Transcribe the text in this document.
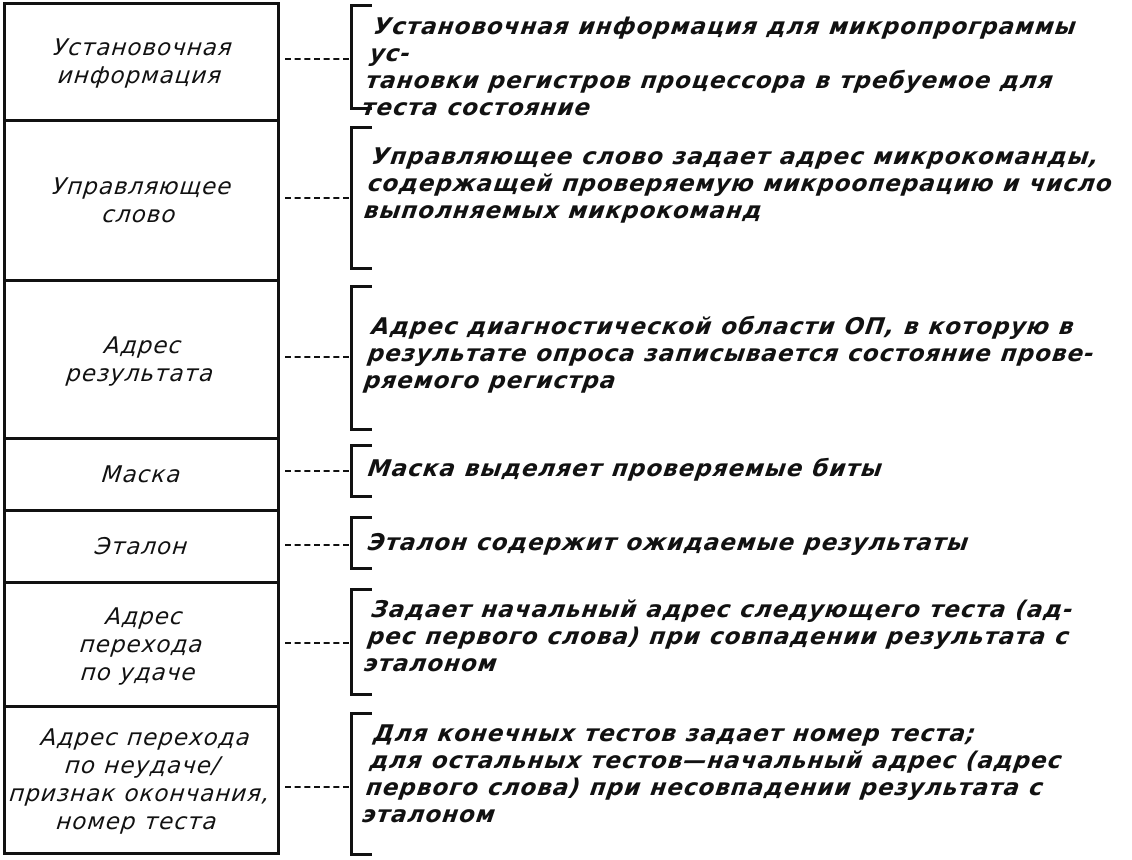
Установочная
информация
Управляющее
слово
Адрес
результата
Маска
Эталон
Адрес
перехода
по удаче
Адрес перехода
по неудаче/
признак окончания,
номер теста
Установочная информация для микропрограммы ус-
тановки регистров процессора в требуемое для
теста состояние
Управляющее слово задает адрес микрокоманды,
содержащей проверяемую микрооперацию и число
выполняемых микрокоманд
Адрес диагностической области ОП, в которую в
результате опроса записывается состояние прове-
ряемого регистра
Маска выделяет проверяемые биты
Эталон содержит ожидаемые результаты
Задает начальный адрес следующего теста (ад-
рес первого слова) при совпадении результата с
эталоном
Для конечных тестов задает номер теста;
для остальных тестов—начальный адрес (адрес
первого слова) при несовпадении результата с
эталоном
